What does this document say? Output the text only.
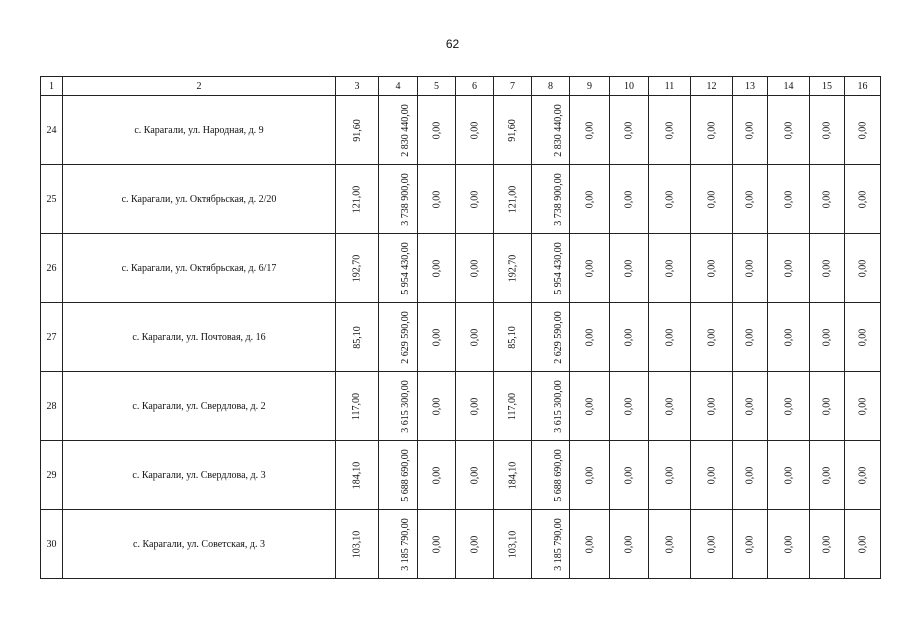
62
1	2	3	4	5	6	7	8	9	10	11	12	13	14	15	16
24	с. Карагали, ул. Народная, д. 9	91,60	2 830 440,00	0,00	0,00	91,60	2 830 440,00	0,00	0,00	0,00	0,00	0,00	0,00	0,00	0,00
25	с. Карагали, ул. Октябрьская, д. 2/20	121,00	3 738 900,00	0,00	0,00	121,00	3 738 900,00	0,00	0,00	0,00	0,00	0,00	0,00	0,00	0,00
26	с. Карагали, ул. Октябрьская, д. 6/17	192,70	5 954 430,00	0,00	0,00	192,70	5 954 430,00	0,00	0,00	0,00	0,00	0,00	0,00	0,00	0,00
27	с. Карагали, ул. Почтовая, д. 16	85,10	2 629 590,00	0,00	0,00	85,10	2 629 590,00	0,00	0,00	0,00	0,00	0,00	0,00	0,00	0,00
28	с. Карагали, ул. Свердлова, д. 2	117,00	3 615 300,00	0,00	0,00	117,00	3 615 300,00	0,00	0,00	0,00	0,00	0,00	0,00	0,00	0,00
29	с. Карагали, ул. Свердлова, д. 3	184,10	5 688 690,00	0,00	0,00	184,10	5 688 690,00	0,00	0,00	0,00	0,00	0,00	0,00	0,00	0,00
30	с. Карагали, ул. Советская, д. 3	103,10	3 185 790,00	0,00	0,00	103,10	3 185 790,00	0,00	0,00	0,00	0,00	0,00	0,00	0,00	0,00
